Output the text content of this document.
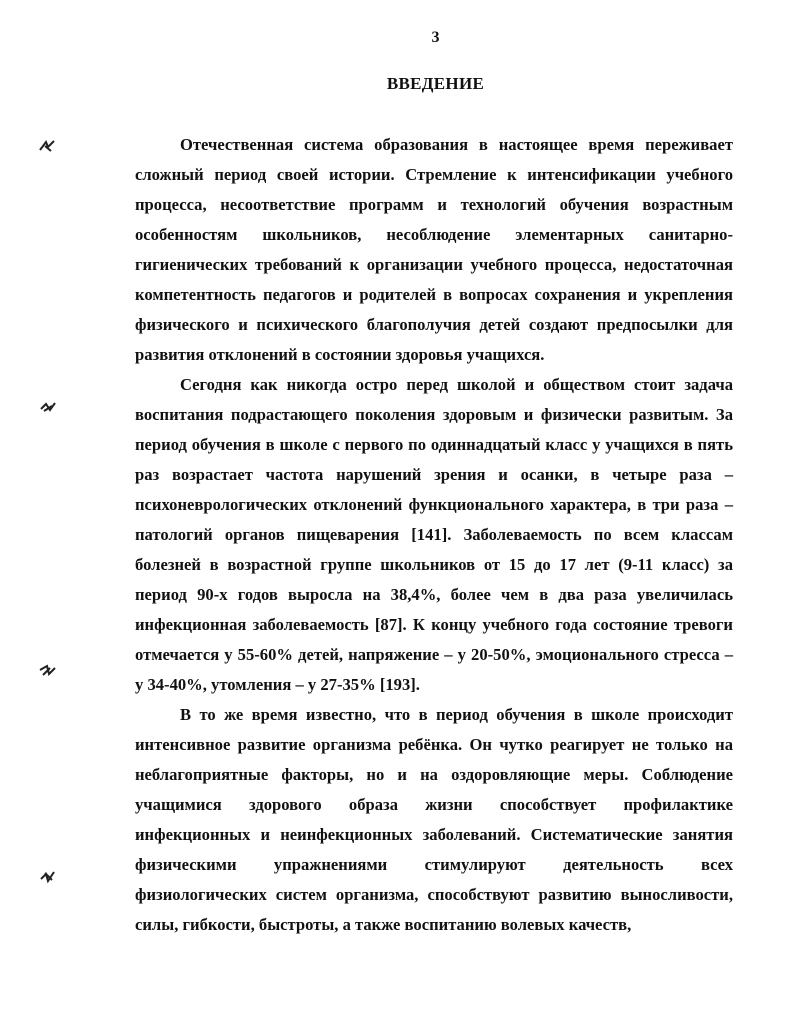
3
ВВЕДЕНИЕ

Отечественная система образования в настоящее время переживает сложный период своей истории. Стремление к интенсификации учебного процесса, несоответствие программ и технологий обучения возрастным особенностям школьников, несоблюдение элементарных санитарно-гигиенических требований к организации учебного процесса, недостаточная компетентность педагогов и родителей в вопросах сохранения и укрепления физического и психического благополучия детей создают предпосылки для развития отклонений в состоянии здоровья учащихся.

Сегодня как никогда остро перед школой и обществом стоит задача воспитания подрастающего поколения здоровым и физически развитым. За период обучения в школе с первого по одиннадцатый класс у учащихся в пять раз возрастает частота нарушений зрения и осанки, в четыре раза – психоневрологических отклонений функционального характера, в три раза – патологий органов пищеварения [141]. Заболеваемость по всем классам болезней в возрастной группе школьников от 15 до 17 лет (9-11 класс) за период 90-х годов выросла на 38,4%, более чем в два раза увеличилась инфекционная заболеваемость [87]. К концу учебного года состояние тревоги отмечается у 55-60% детей, напряжение – у 20-50%, эмоционального стресса – у 34-40%, утомления – у 27-35% [193].

В то же время известно, что в период обучения в школе происходит интенсивное развитие организма ребёнка. Он чутко реагирует не только на неблагоприятные факторы, но и на оздоровляющие меры. Соблюдение учащимися здорового образа жизни способствует профилактике инфекционных и неинфекционных заболеваний. Систематические занятия физическими упражнениями стимулируют деятельность всех физиологических систем организма, способствуют развитию выносливости, силы, гибкости, быстроты, а также воспитанию волевых качеств,
